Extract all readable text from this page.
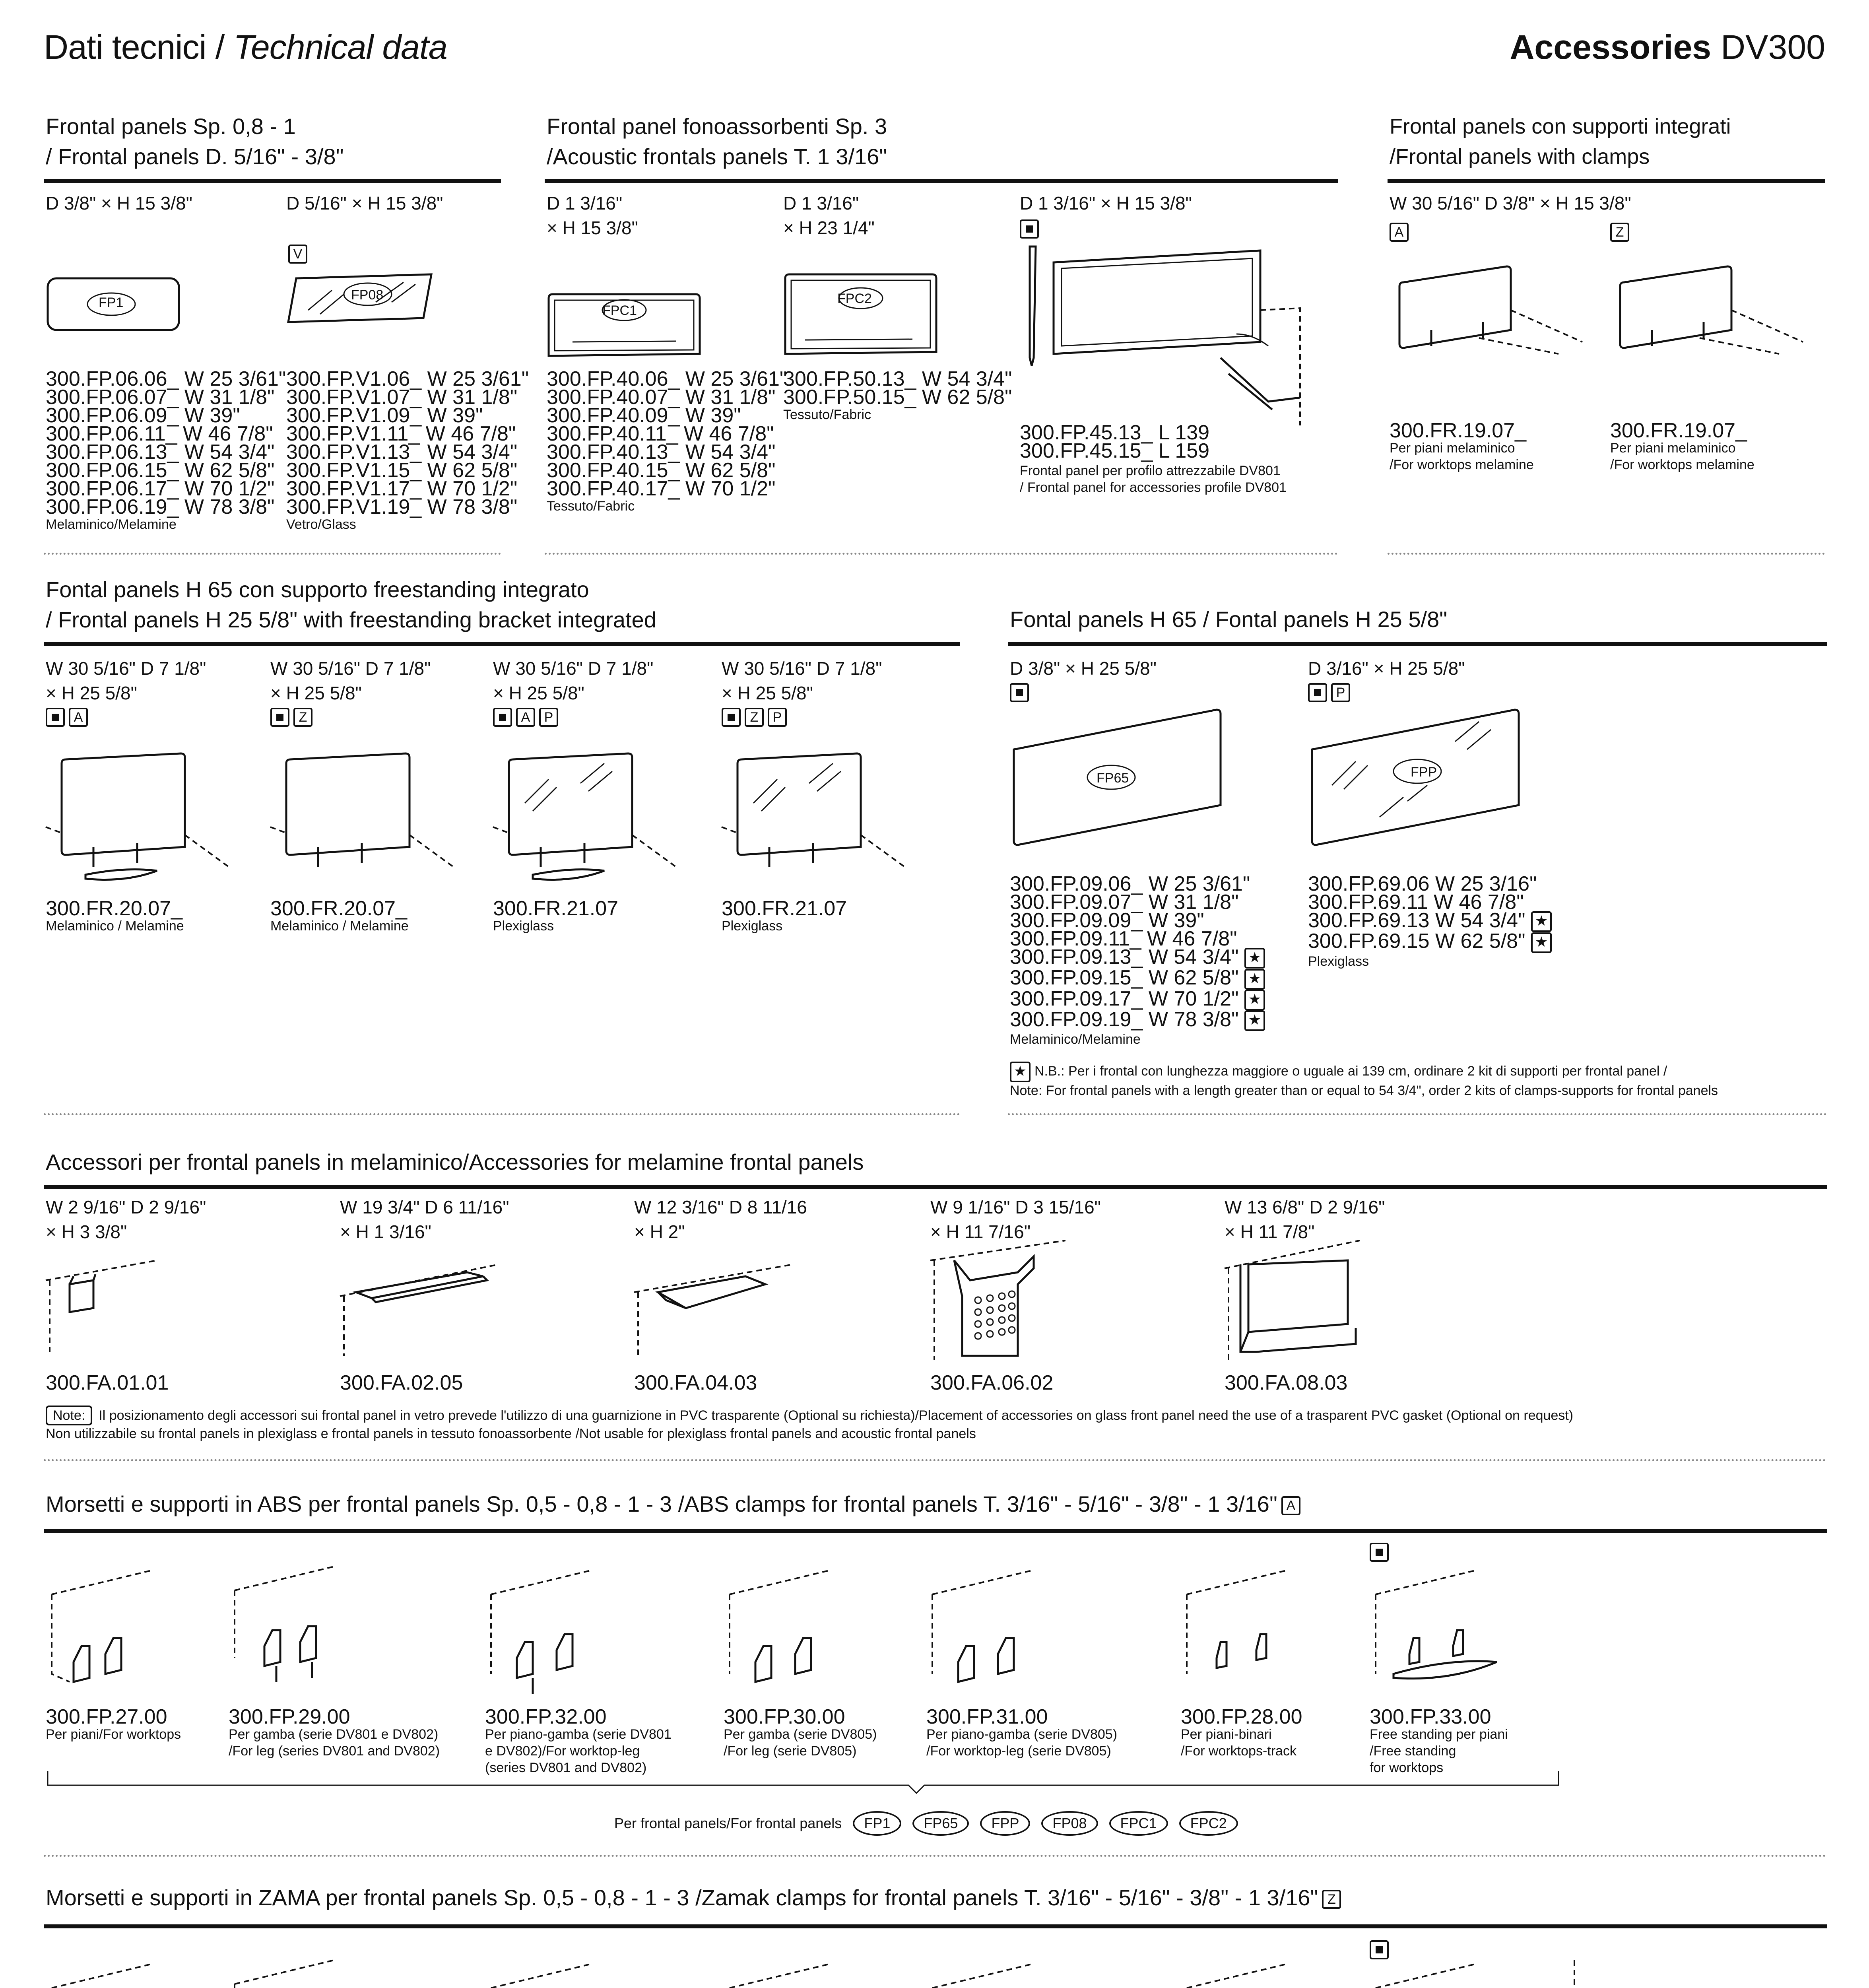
Dati tecnici / Technical data	Accessories DV300
Frontal panels Sp. 0,8 - 1
/ Frontal panels D. 5/16" - 3/8"
D 3/8" × H 15 3/8"	D 5/16" × H 15 3/8"
V
FP1	FP08
300.FP.06.06_ W 25 3/61"
300.FP.06.07_ W 31 1/8"
300.FP.06.09_ W 39"
300.FP.06.11_ W 46 7/8"
300.FP.06.13_ W 54 3/4"
300.FP.06.15_ W 62 5/8"
300.FP.06.17_ W 70 1/2"
300.FP.06.19_ W 78 3/8"
Melaminico/Melamine
300.FP.V1.06_ W 25 3/61"
300.FP.V1.07_ W 31 1/8"
300.FP.V1.09_ W 39"
300.FP.V1.11_ W 46 7/8"
300.FP.V1.13_ W 54 3/4"
300.FP.V1.15_ W 62 5/8"
300.FP.V1.17_ W 70 1/2"
300.FP.V1.19_ W 78 3/8"
Vetro/Glass
Frontal panel fonoassorbenti Sp. 3
/Acoustic frontals panels T. 1 3/16"
D 1 3/16"
× H 15 3/8"
D 1 3/16"
× H 23 1/4"
D 1 3/16" × H 15 3/8"
FPC1
FPC2
300.FP.45.13_ L 139
300.FP.45.15_ L 159
Frontal panel per profilo attrezzabile DV801
/ Frontal panel for accessories profile DV801
300.FP.40.06_ W 25 3/61"
300.FP.40.07_ W 31 1/8"
300.FP.40.09_ W 39"
300.FP.40.11_ W 46 7/8"
300.FP.40.13_ W 54 3/4"
300.FP.40.15_ W 62 5/8"
300.FP.40.17_ W 70 1/2"
Tessuto/Fabric
300.FP.50.13_ W 54 3/4"
300.FP.50.15_ W 62 5/8"
Tessuto/Fabric
Frontal panels con supporti integrati
/Frontal panels with clamps
W 30 5/16" D 3/8" × H 15 3/8"
A	Z
300.FR.19.07_
Per piani melaminico
/For worktops melamine
300.FR.19.07_
Per piani melaminico
/For worktops melamine
Fontal panels H 65 con supporto freestanding integrato
/ Frontal panels H 25 5/8" with freestanding bracket integrated
W 30 5/16" D 7 1/8"
× H 25 5/8"
A
W 30 5/16" D 7 1/8"
× H 25 5/8"
Z
W 30 5/16" D 7 1/8"
× H 25 5/8"
A P
W 30 5/16" D 7 1/8"
× H 25 5/8"
Z P
300.FR.20.07_
Melaminico / Melamine
300.FR.20.07_
Melaminico / Melamine
300.FR.21.07
Plexiglass
300.FR.21.07
Plexiglass
Fontal panels H 65 / Fontal panels H 25 5/8"
D 3/8" × H 25 5/8"	D 3/16" × H 25 5/8"
P
FP65	FPP
300.FP.09.06_ W 25 3/61"
300.FP.09.07_ W 31 1/8"
300.FP.09.09_ W 39"
300.FP.09.11_ W 46 7/8"
300.FP.09.13_ W 54 3/4" ★
300.FP.09.15_ W 62 5/8" ★
300.FP.09.17_ W 70 1/2" ★
300.FP.09.19_ W 78 3/8" ★
Melaminico/Melamine
300.FP.69.06 W 25 3/16"
300.FP.69.11 W 46 7/8"
300.FP.69.13 W 54 3/4" ★
300.FP.69.15 W 62 5/8" ★
Plexiglass
★ N.B.: Per i frontal con lunghezza maggiore o uguale ai 139 cm, ordinare 2 kit di supporti per frontal panel /
Note: For frontal panels with a length greater than or equal to 54 3/4", order 2 kits of clamps-supports for frontal panels
Accessori per frontal panels in melaminico/Accessories for melamine frontal panels
W 2 9/16" D 2 9/16"
× H 3 3/8"
W 19 3/4" D 6 11/16"
× H 1 3/16"
W 12 3/16" D 8 11/16
× H 2"
W 9 1/16" D 3 15/16"
× H 11 7/16"
W 13 6/8" D 2 9/16"
× H 11 7/8"
300.FA.01.01	300.FA.02.05	300.FA.04.03	300.FA.06.02	300.FA.08.03
Note: Il posizionamento degli accessori sui frontal panel in vetro prevede l'utilizzo di una guarnizione in PVC trasparente (Optional su richiesta)/Placement of accessories on glass front panel need the use of a trasparent PVC gasket (Optional on request)
Non utilizzabile su frontal panels in plexiglass e frontal panels in tessuto fonoassorbente /Not usable for plexiglass frontal panels and acoustic frontal panels
Morsetti e supporti in ABS per frontal panels Sp. 0,5 - 0,8 - 1 - 3 /ABS clamps for frontal panels T. 3/16" - 5/16" - 3/8" - 1 3/16" A
300.FP.27.00
Per piani/For worktops
300.FP.29.00
Per gamba (serie DV801 e DV802)
/For leg (series DV801 and DV802)
300.FP.32.00
Per piano-gamba (serie DV801
e DV802)/For worktop-leg
(series DV801 and DV802)
300.FP.30.00
Per gamba (serie DV805)
/For leg (serie DV805)
300.FP.31.00
Per piano-gamba (serie DV805)
/For worktop-leg (serie DV805)
300.FP.28.00
Per piani-binari
/For worktops-track
300.FP.33.00
Free standing per piani
/Free standing
for worktops
Per frontal panels/For frontal panels FP1 FP65 FPP FP08 FPC1 FPC2
Morsetti e supporti in ZAMA per frontal panels Sp. 0,5 - 0,8 - 1 - 3 /Zamak clamps for frontal panels T. 3/16" - 5/16" - 3/8" - 1 3/16" Z
